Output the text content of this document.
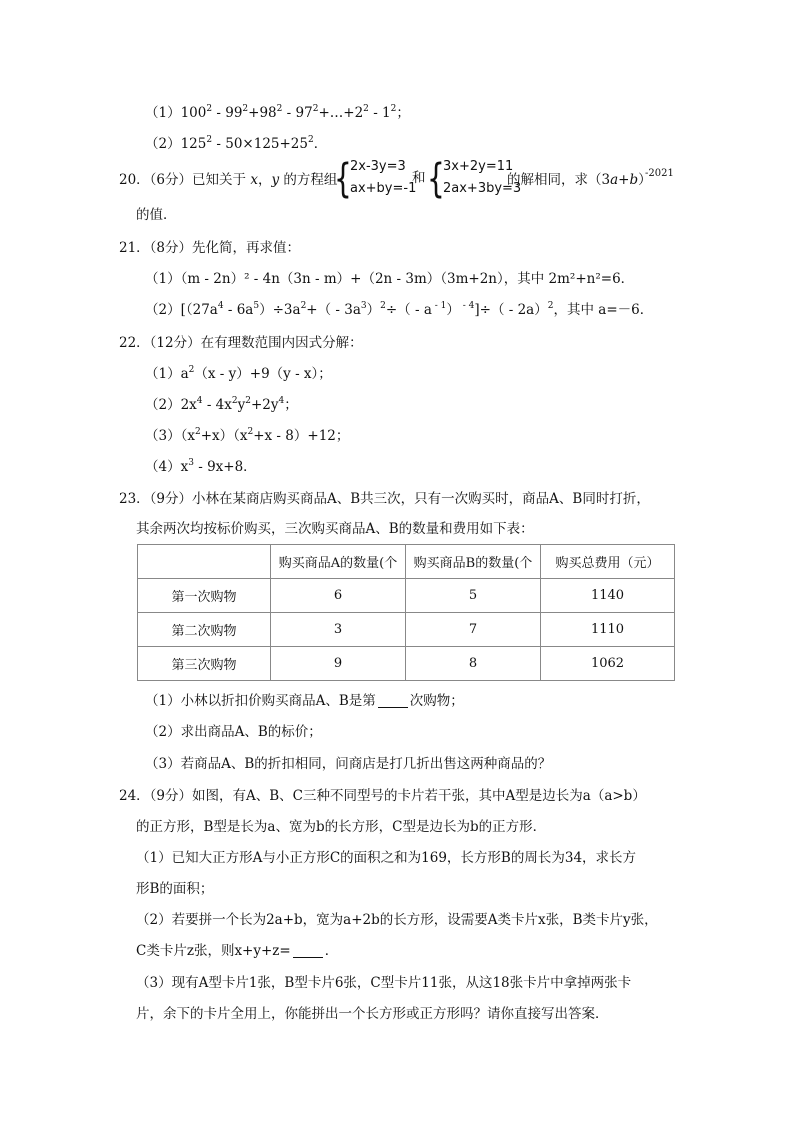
$(1)100^2 - 99^2+98^2$ - $97^2+\dots+2^2 - 1^2$；
$(2)125^2 - 50\times 125+25^2$．
20．（6分）已知关于 x，y 的方程组
{
2x-3y=3
ax+by=-1
和 {
3x+2y=11
2ax+3by=3
的解相同，求（3a+b）
-2021
的值．
21．（8分）先化简，再求值：
（1）（m - 2n）² - 4n（3n - m）+（2n - 3m）（3m+2n），其中 2m²+n²=6．
$(2)[(27a^4 - 6a^5)\div 3a^2+( - 3a^3)^2\div( - a$ $^{- 1}$） $^{- 4}$]÷（ - 2a）$^2$，其中 a=－6．
22．（12分）在有理数范围内因式分解：
$(1)a^2(x - y)+9(y - x)$；
$(2)2x^4 - 4x^2y^2+2y^4$；
$(3)(x^2+x)(x^2+x - 8)+12$；
$(4)x^3 - 9x+8$．
23．（9分）小林在某商店购买商品A、B共三次，只有一次购买时，商品A、B同时打折，
其余两次均按标价购买，三次购买商品A、B的数量和费用如下表：
	购买商品A的数量(个	购买商品B的数量(个	购买总费用（元）
第一次购物	6	5	1140
第二次购物	3	7	1110
第三次购物	9	8	1062
（1）小林以折扣价购买商品A、B是第	次购物；
（2）求出商品A、B的标价；
（3）若商品A、B的折扣相同，问商店是打几折出售这两种商品的？
24．（9分）如图，有A、B、C三种不同型号的卡片若干张，其中A型是边长为a（a>b）
的正方形，B型是长为a、宽为b的长方形，C型是边长为b的正方形．
（1）已知大正方形A与小正方形C的面积之和为169，长方形B的周长为34，求长方
形B的面积；
（2）若要拼一个长为2a+b，宽为a+2b的长方形，设需要A类卡片x张，B类卡片y张，
C类卡片z张，则x+y+z=	．
（3）现有A型卡片1张，B型卡片6张，C型卡片11张，从这18张卡片中拿掉两张卡
片，余下的卡片全用上，你能拼出一个长方形或正方形吗？请你直接写出答案．
